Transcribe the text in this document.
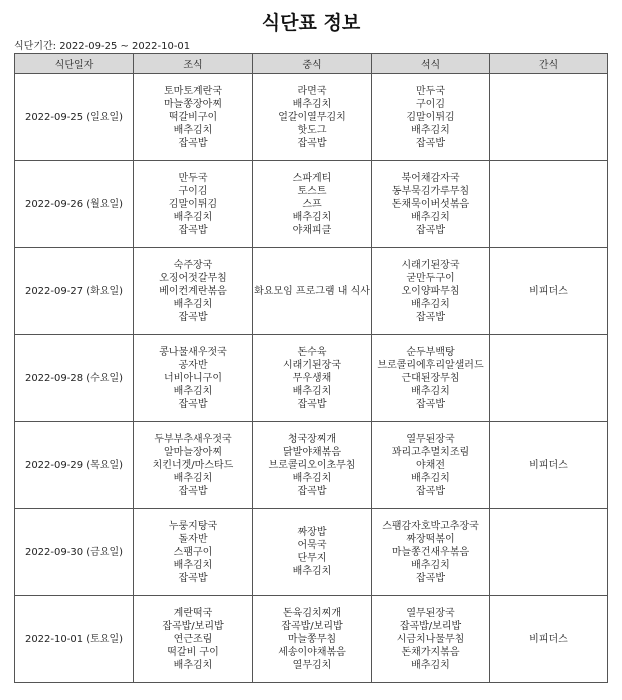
식단표 정보
식단기간: 2022-09-25 ~ 2022-10-01
식단일자	조식	중식	석식	간식
2022-09-25 (일요일)	토마토계란국
마늘쫑장아찌
떡갈비구이
배추김치
잡곡밥	라면국
배추김치
얼갈이열무김치
핫도그
잡곡밥	만두국
구이김
김말이튀김
배추김치
잡곡밥	

2022-09-26 (월요일)	만두국
구이김
김말이튀김
배추김치
잡곡밥	스파게티
토스트
스프
배추김치
야채피클	북어채감자국
동부묵김가루무침
돈채묵이버섯볶음
배추김치
잡곡밥	

2022-09-27 (화요일)	숙주장국
오징어젓갈무침
베이컨계란볶음
배추김치
잡곡밥	화요모임 프로그램 내 식사	시래기된장국
굳만두구이
오이양파무침
배추김치
잡곡밥	비피더스

2022-09-28 (수요일)	콩나물새우젓국
공자반
너비아니구이
배추김치
잡곡밥	돈수육
시래기된장국
무우생채
배추김치
잡곡밥	순두부백탕
브로콜리에후리알샐러드
근대된장무침
배추김치
잡곡밥	

2022-09-29 (목요일)	두부부추새우젓국
알마늘장아찌
치킨너겟/마스타드
배추김치
잡곡밥	청국장찌개
닭발야채볶음
브로콜리오이초무침
배추김치
잡곡밥	열무된장국
꽈리고추멸치조림
야채전
배추김치
잡곡밥	비피더스

2022-09-30 (금요일)	누룽지탕국
돌자반
스팸구이
배추김치
잡곡밥	짜장밥
어묵국
단무지
배추김치	스팸감자호박고추장국
짜장떡볶이
마늘쫑건새우볶음
배추김치
잡곡밥	

2022-10-01 (토요일)	계란떡국
잡곡밥/보리밥
연근조림
떡갈비 구이
배추김치	돈육김치찌개
잡곡밥/보리밥
마늘쫑무침
세송이야채볶음
열무김치	열무된장국
잡곡밥/보리밥
시금치나물무침
돈채가지볶음
배추김치	비피더스
